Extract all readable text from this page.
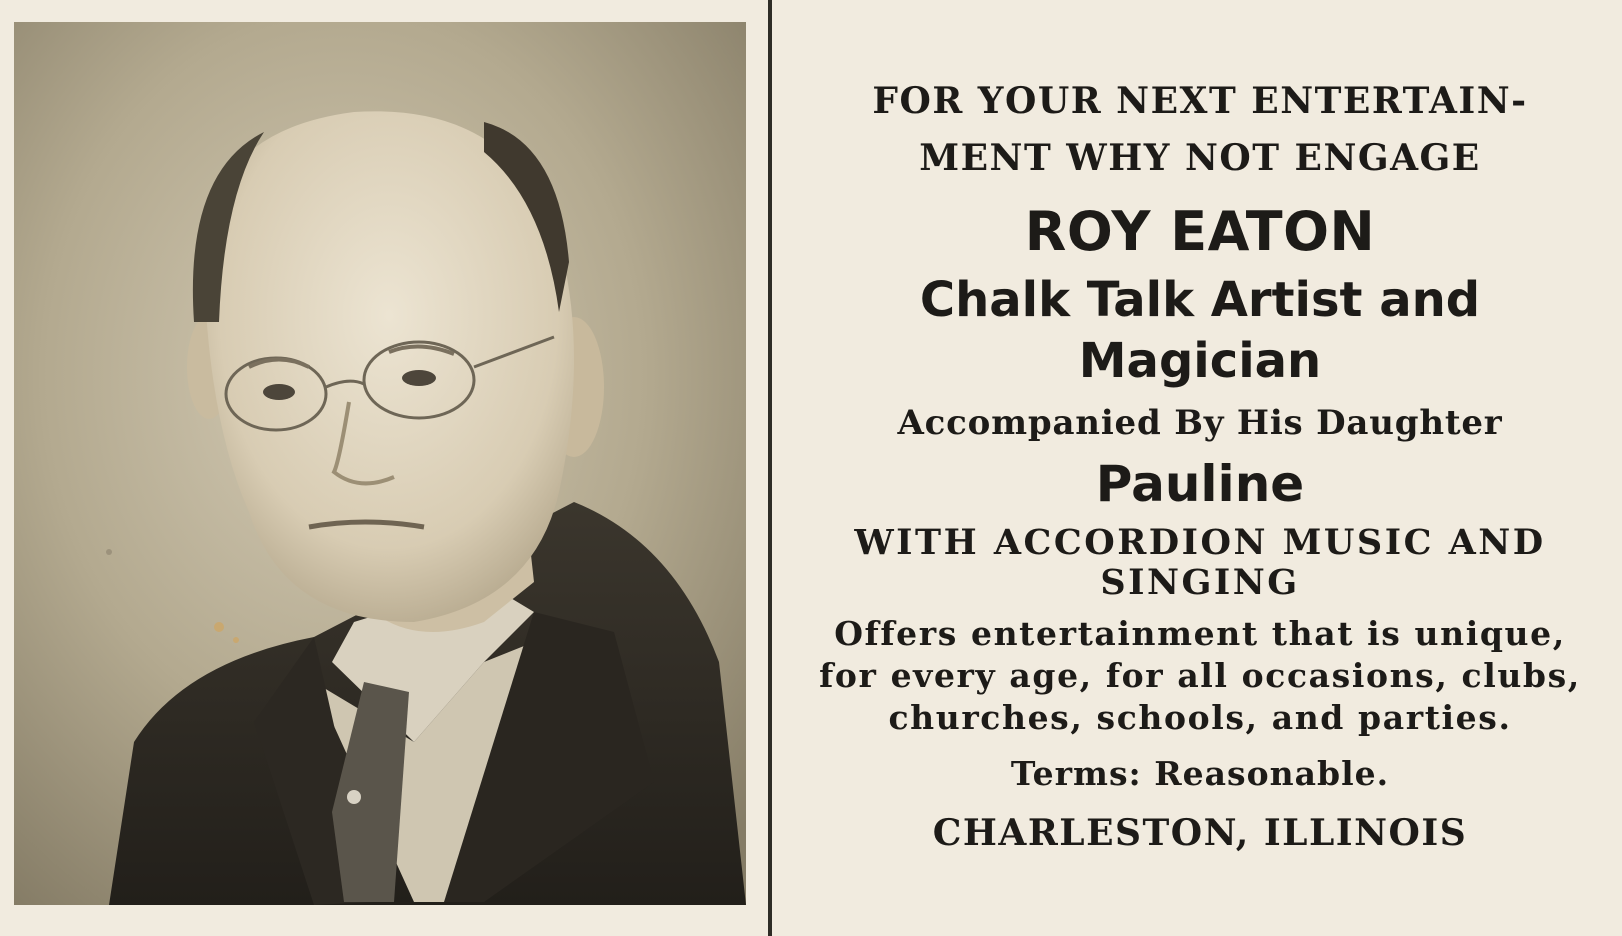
FOR YOUR NEXT ENTERTAIN-
MENT WHY NOT ENGAGE
ROY EATON
Chalk Talk Artist and
Magician
Accompanied By His Daughter
Pauline
WITH ACCORDION MUSIC AND
SINGING
Offers entertainment that is unique,
for every age, for all occasions, clubs,
churches, schools, and parties.
Terms: Reasonable.
CHARLESTON, ILLINOIS
